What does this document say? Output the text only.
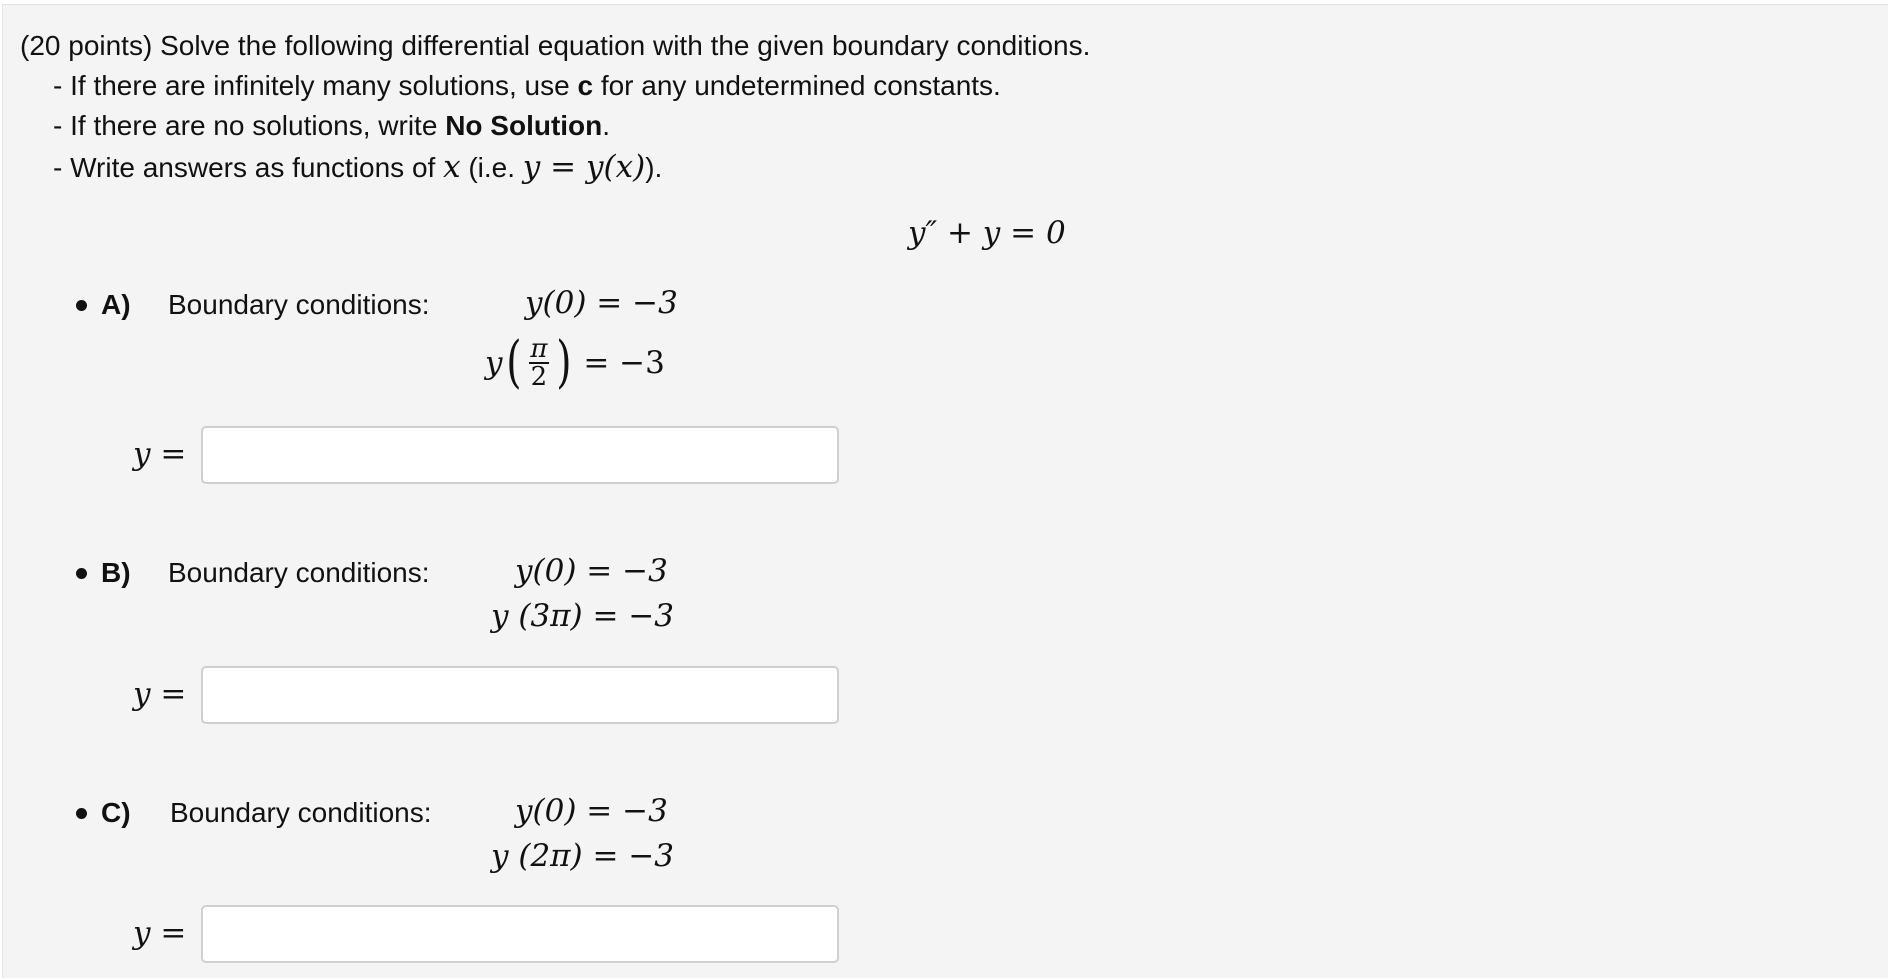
(20 points) Solve the following differential equation with the given boundary conditions.
- If there are infinitely many solutions, use c for any undetermined constants.
- If there are no solutions, write No Solution.
- Write answers as functions of x (i.e. y = y(x)).
y″ + y = 0
A) Boundary conditions:	y(0) = −3
y ( $\frac{\pi}{2}$ ) = −3
y =
B) Boundary conditions:	y(0) = −3
y (3π) = −3
y =
C) Boundary conditions:	y(0) = −3
y (2π) = −3
y =
